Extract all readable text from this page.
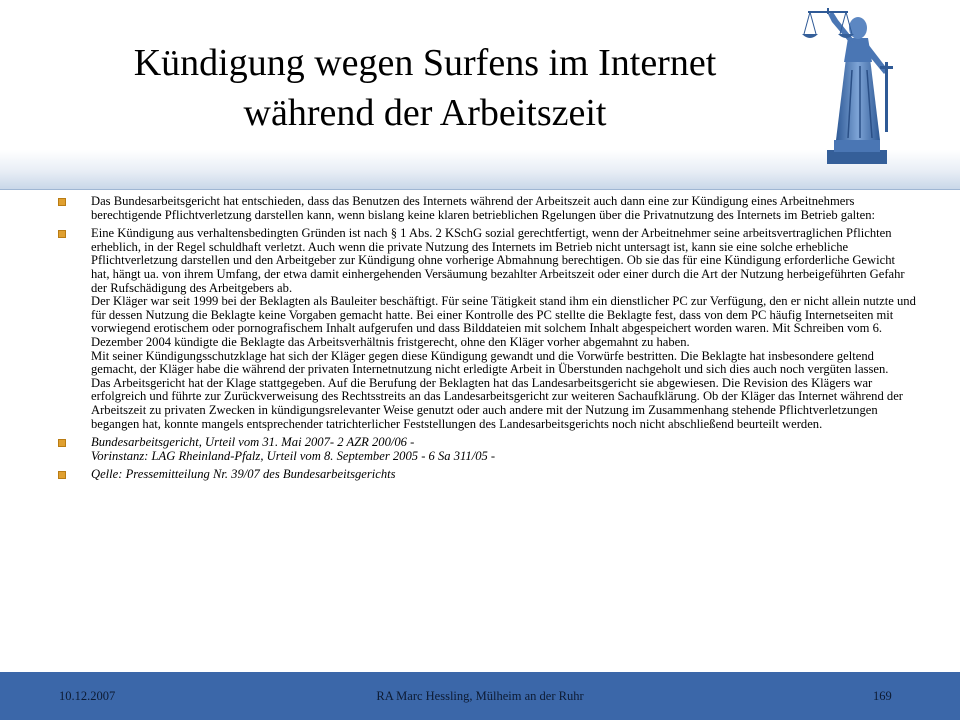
Kündigung wegen Surfens im Internet
während der Arbeitszeit
Das Bundesarbeitsgericht hat entschieden, dass das Benutzen des Internets während der Arbeitszeit auch dann eine zur Kündigung eines Arbeitnehmers berechtigende Pflichtverletzung darstellen kann, wenn bislang keine klaren betrieblichen Rgelungen über die Privatnutzung des Internets im Betrieb galten:
Eine Kündigung aus verhaltensbedingten Gründen ist nach § 1 Abs. 2 KSchG sozial gerechtfertigt, wenn der Arbeitnehmer seine arbeitsvertraglichen Pflichten erheblich, in der Regel schuldhaft verletzt. Auch wenn die private Nutzung des Internets im Betrieb nicht untersagt ist, kann sie eine solche erhebliche Pflichtverletzung darstellen und den Arbeitgeber zur Kündigung ohne vorherige Abmahnung berechtigen. Ob sie das für eine Kündigung erforderliche Gewicht hat, hängt ua. von ihrem Umfang, der etwa damit einhergehenden Versäumung bezahlter Arbeitszeit oder einer durch die Art der Nutzung herbeigeführten Gefahr der Rufschädigung des Arbeitgebers ab.
Der Kläger war seit 1999 bei der Beklagten als Bauleiter beschäftigt. Für seine Tätigkeit stand ihm ein dienstlicher PC zur Verfügung, den er nicht allein nutzte und für dessen Nutzung die Beklagte keine Vorgaben gemacht hatte. Bei einer Kontrolle des PC stellte die Beklagte fest, dass von dem PC häufig Internetseiten mit vorwiegend erotischem oder pornografischem Inhalt aufgerufen und dass Bilddateien mit solchem Inhalt abgespeichert worden waren. Mit Schreiben vom 6. Dezember 2004 kündigte die Beklagte das Arbeitsverhältnis fristgerecht, ohne den Kläger vorher abgemahnt zu haben.
Mit seiner Kündigungsschutzklage hat sich der Kläger gegen diese Kündigung gewandt und die Vorwürfe bestritten. Die Beklagte hat insbesondere geltend gemacht, der Kläger habe die während der privaten Internetnutzung nicht erledigte Arbeit in Überstunden nachgeholt und sich dies auch noch vergüten lassen.
Das Arbeitsgericht hat der Klage stattgegeben. Auf die Berufung der Beklagten hat das Landesarbeitsgericht sie abgewiesen. Die Revision des Klägers war erfolgreich und führte zur Zurückverweisung des Rechtsstreits an das Landesarbeitsgericht zur weiteren Sachaufklärung. Ob der Kläger das Internet während der Arbeitszeit zu privaten Zwecken in kündigungsrelevanter Weise genutzt oder auch andere mit der Nutzung im Zusammenhang stehende Pflichtverletzungen begangen hat, konnte mangels entsprechender tatrichterlicher Feststellungen des Landesarbeitsgerichts noch nicht abschließend beurteilt werden.
Bundesarbeitsgericht, Urteil vom 31. Mai 2007- 2 AZR 200/06 -
Vorinstanz: LAG Rheinland-Pfalz, Urteil vom 8. September 2005 - 6 Sa 311/05 -
Qelle: Pressemitteilung Nr. 39/07 des Bundesarbeitsgerichts
10.12.2007	RA Marc Hessling, Mülheim an der Ruhr	169
